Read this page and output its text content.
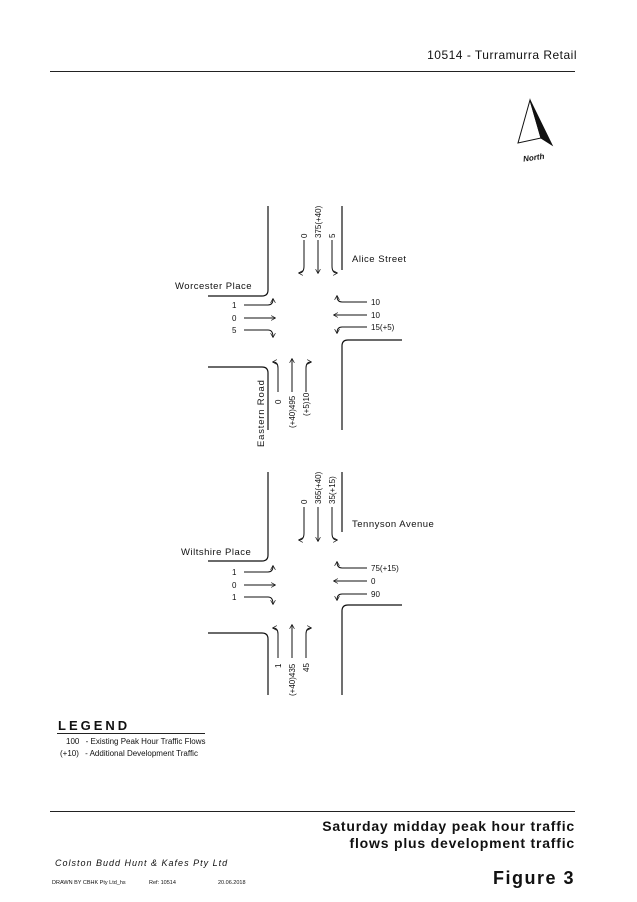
10514 - Turramurra Retail
North
0 375(+40) 5
1
0
5
10
10
15(+5)
0 (+40)495 (+5)10
Alice Street
Worcester Place
Eastern Road
0 365(+40) 35(+15)
1
0
1
75(+15)
0
90
1 (+40)435 45
Tennyson Avenue
Wiltshire Place
LEGEND
100 - Existing Peak Hour Traffic Flows
(+10) - Additional Development Traffic
Saturday midday peak hour traffic
flows plus development traffic
Colston Budd Hunt & Kafes Pty Ltd
DRAWN BY CBHK Pty Ltd_hs	Ref: 10514	20.06.2018	Figure 3
